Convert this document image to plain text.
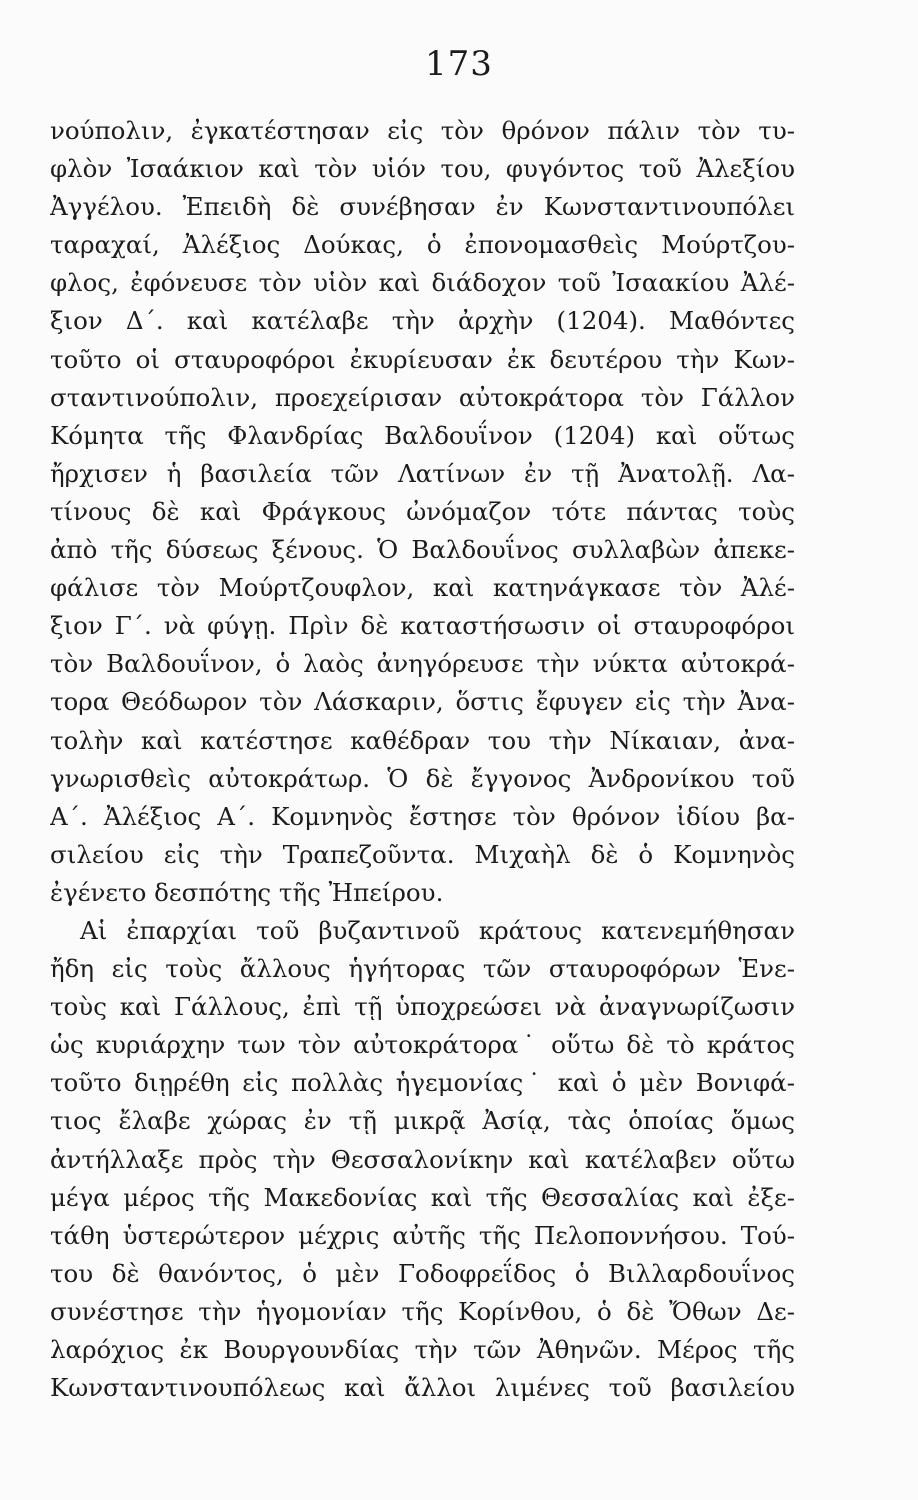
173
νούπολιν, ἐγκατέστησαν εἰς τὸν θρόνον πάλιν τὸν τυ-
φλὸν Ἰσαάκιον καὶ τὸν υἱόν του, φυγόντος τοῦ Ἀλεξίου
Ἀγγέλου. Ἐπειδὴ δὲ συνέβησαν ἐν Κωνσταντινουπόλει
ταραχαί, Ἀλέξιος Δούκας, ὁ ἐπονομασθεὶς Μούρτζου-
φλος, ἐφόνευσε τὸν υἱὸν καὶ διάδοχον τοῦ Ἰσαακίου Ἀλέ-
ξιον Δ΄. καὶ κατέλαβε τὴν ἀρχὴν (1204). Μαθόντες
τοῦτο οἱ σταυροφόροι ἐκυρίευσαν ἐκ δευτέρου τὴν Κων-
σταντινούπολιν, προεχείρισαν αὐτοκράτορα τὸν Γάλλον
Κόμητα τῆς Φλανδρίας Βαλδουΐνον (1204) καὶ οὕτως
ἤρχισεν ἡ βασιλεία τῶν Λατίνων ἐν τῇ Ἀνατολῇ. Λα-
τίνους δὲ καὶ Φράγκους ὠνόμαζον τότε πάντας τοὺς
ἀπὸ τῆς δύσεως ξένους. Ὁ Βαλδουΐνος συλλαβὼν ἀπεκε-
φάλισε τὸν Μούρτζουφλον, καὶ κατηνάγκασε τὸν Ἀλέ-
ξιον Γ΄. νὰ φύγῃ. Πρὶν δὲ καταστήσωσιν οἱ σταυροφόροι
τὸν Βαλδουΐνον, ὁ λαὸς ἀνηγόρευσε τὴν νύκτα αὐτοκρά-
τορα Θεόδωρον τὸν Λάσκαριν, ὅστις ἔφυγεν εἰς τὴν Ἀνα-
τολὴν καὶ κατέστησε καθέδραν του τὴν Νίκαιαν, ἀνα-
γνωρισθεὶς αὐτοκράτωρ. Ὁ δὲ ἔγγονος Ἀνδρονίκου τοῦ
Α΄. Ἀλέξιος Α΄. Κομνηνὸς ἔστησε τὸν θρόνον ἰδίου βα-
σιλείου εἰς τὴν Τραπεζοῦντα. Μιχαὴλ δὲ ὁ Κομνηνὸς
ἐγένετο δεσπότης τῆς Ἠπείρου.
Αἱ ἐπαρχίαι τοῦ βυζαντινοῦ κράτους κατενεμήθησαν
ἤδη εἰς τοὺς ἄλλους ἡγήτορας τῶν σταυροφόρων Ἑνε-
τοὺς καὶ Γάλλους, ἐπὶ τῇ ὑποχρεώσει νὰ ἀναγνωρίζωσιν
ὡς κυριάρχην των τὸν αὐτοκράτορα˙ οὕτω δὲ τὸ κράτος
τοῦτο διῃρέθη εἰς πολλὰς ἡγεμονίας˙ καὶ ὁ μὲν Βονιφά-
τιος ἔλαβε χώρας ἐν τῇ μικρᾷ Ἀσίᾳ, τὰς ὁποίας ὅμως
ἀντήλλαξε πρὸς τὴν Θεσσαλονίκην καὶ κατέλαβεν οὕτω
μέγα μέρος τῆς Μακεδονίας καὶ τῆς Θεσσαλίας καὶ ἐξε-
τάθη ὑστερώτερον μέχρις αὐτῆς τῆς Πελοποννήσου. Τού-
του δὲ θανόντος, ὁ μὲν Γοδοφρεΐδος ὁ Βιλλαρδουΐνος
συνέστησε τὴν ἡγομονίαν τῆς Κορίνθου, ὁ δὲ Ὄθων Δε-
λαρόχιος ἐκ Βουργουνδίας τὴν τῶν Ἀθηνῶν. Μέρος τῆς
Κωνσταντινουπόλεως καὶ ἄλλοι λιμένες τοῦ βασιλείου
